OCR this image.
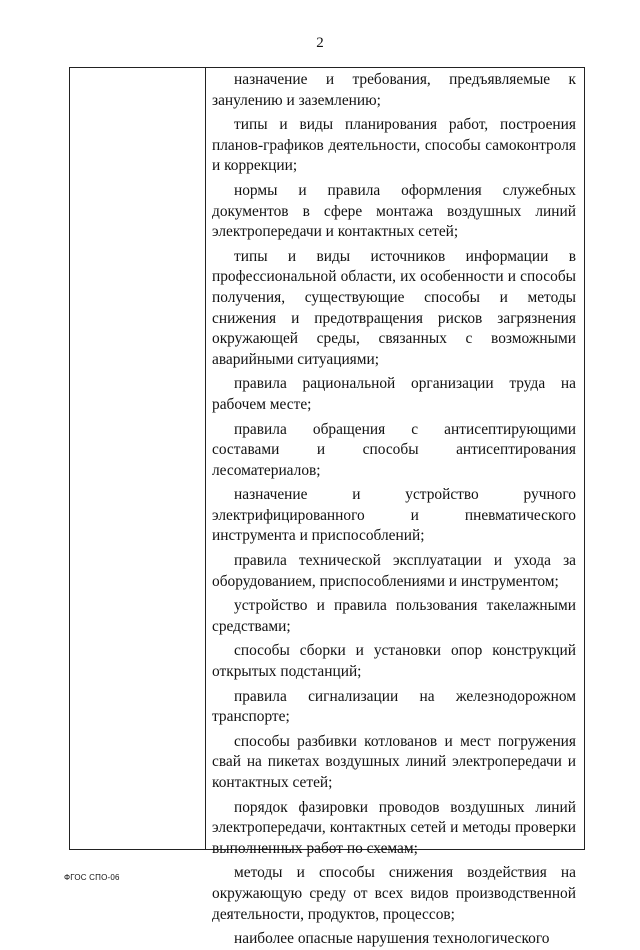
2

назначение и требования, предъявляемые к занулению и заземлению;

типы и виды планирования работ, построения планов-графиков деятельности, способы самоконтроля и коррекции;

нормы и правила оформления служебных документов в сфере монтажа воздушных линий электропередачи и контактных сетей;

типы и виды источников информации в профессиональной области, их особенности и способы получения, существующие способы и методы снижения и предотвращения рисков загрязнения окружающей среды, связанных с возможными аварийными ситуациями;

правила рациональной организации труда на рабочем месте;

правила обращения с антисептирующими составами и способы антисептирования лесоматериалов;

назначение и устройство ручного электрифицированного и пневматического инструмента и приспособлений;

правила технической эксплуатации и ухода за оборудованием, приспособлениями и инструментом;

устройство и правила пользования такелажными средствами;

способы сборки и установки опор конструкций открытых подстанций;

правила сигнализации на железнодорожном транспорте;

способы разбивки котлованов и мест погружения свай на пикетах воздушных линий электропередачи и контактных сетей;

порядок фазировки проводов воздушных линий электропередачи, контактных сетей и методы проверки выполненных работ по схемам;

методы и способы снижения воздействия на окружающую среду от всех видов производственной деятельности, продуктов, процессов;

наиболее опасные нарушения технологического

ФГОС СПО-06
